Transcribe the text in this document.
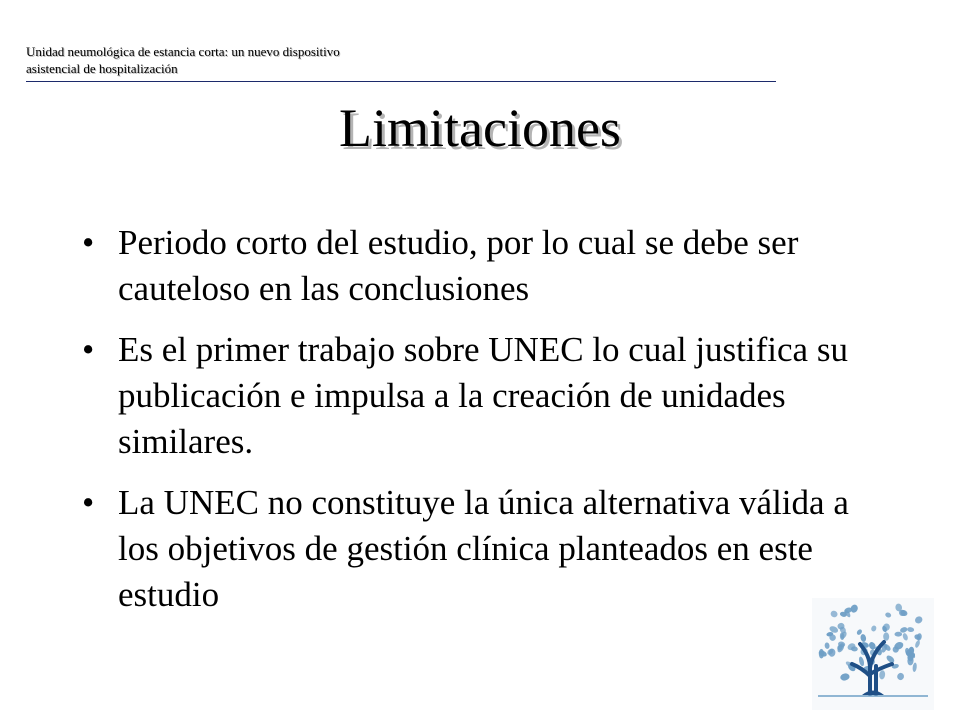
Unidad neumológica de estancia corta: un nuevo dispositivo
asistencial de hospitalización
Limitaciones
• Periodo corto del estudio, por lo cual se debe ser cauteloso en las conclusiones
• Es el primer trabajo sobre UNEC lo cual justifica su publicación e impulsa a la creación de unidades similares.
• La UNEC no constituye la única alternativa válida a los objetivos de gestión clínica planteados en este estudio
